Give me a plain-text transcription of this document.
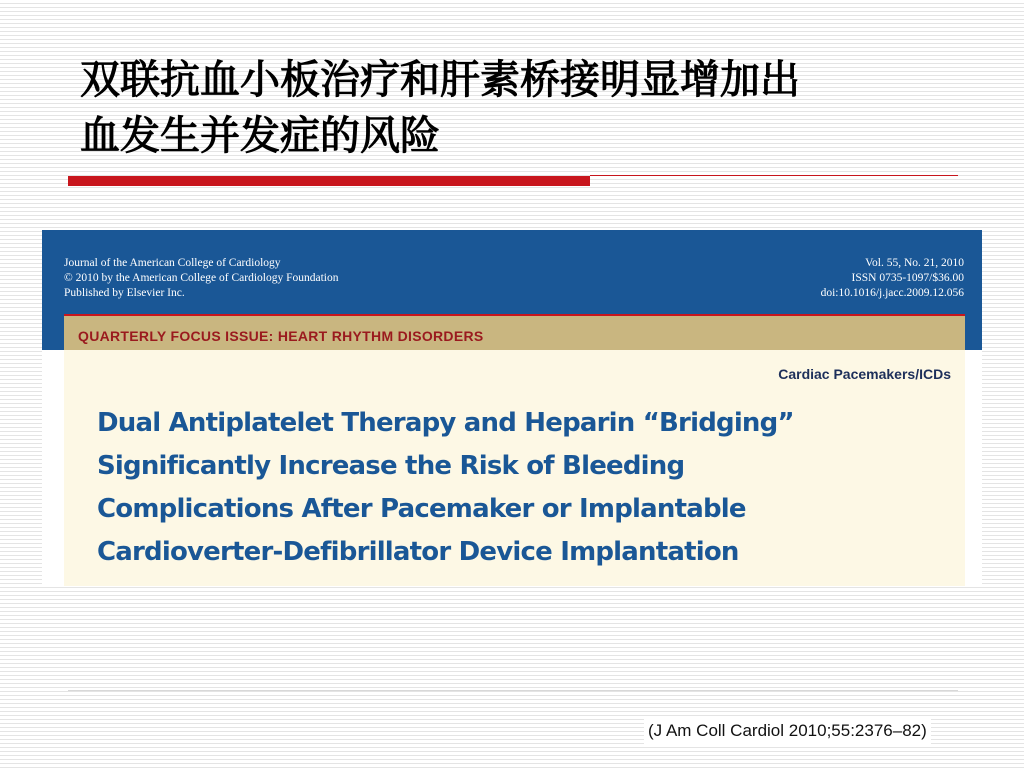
双联抗血小板治疗和肝素桥接明显增加出
血发生并发症的风险
Journal of the American College of Cardiology
© 2010 by the American College of Cardiology Foundation
Published by Elsevier Inc.
Vol. 55, No. 21, 2010
ISSN 0735-1097/$36.00
doi:10.1016/j.jacc.2009.12.056
QUARTERLY FOCUS ISSUE: HEART RHYTHM DISORDERS
Cardiac Pacemakers/ICDs
Dual Antiplatelet Therapy and Heparin “Bridging”
Significantly Increase the Risk of Bleeding
Complications After Pacemaker or Implantable
Cardioverter-Defibrillator Device Implantation
(J Am Coll Cardiol 2010;55:2376–82)
